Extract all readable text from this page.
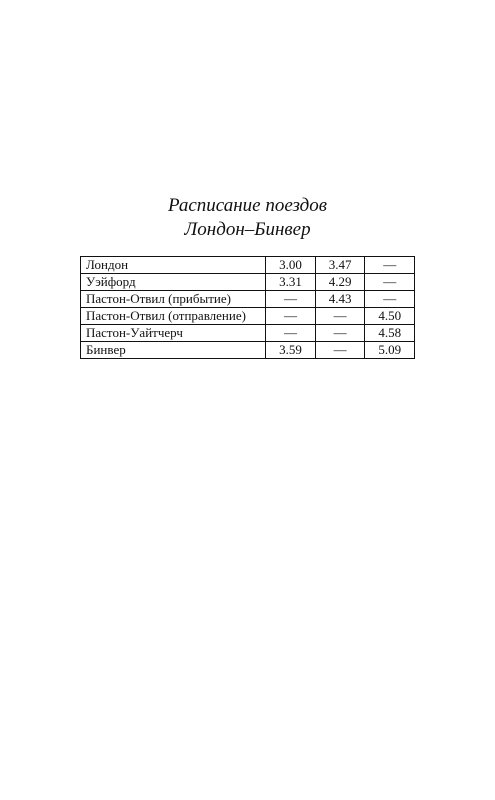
Расписание поездов
Лондон–Бинвер
Лондон	3.00	3.47	—
Уэйфорд	3.31	4.29	—
Пастон-Отвил (прибытие)	—	4.43	—
Пастон-Отвил (отправление)	—	—	4.50
Пастон-Уайтчерч	—	—	4.58
Бинвер	3.59	—	5.09
